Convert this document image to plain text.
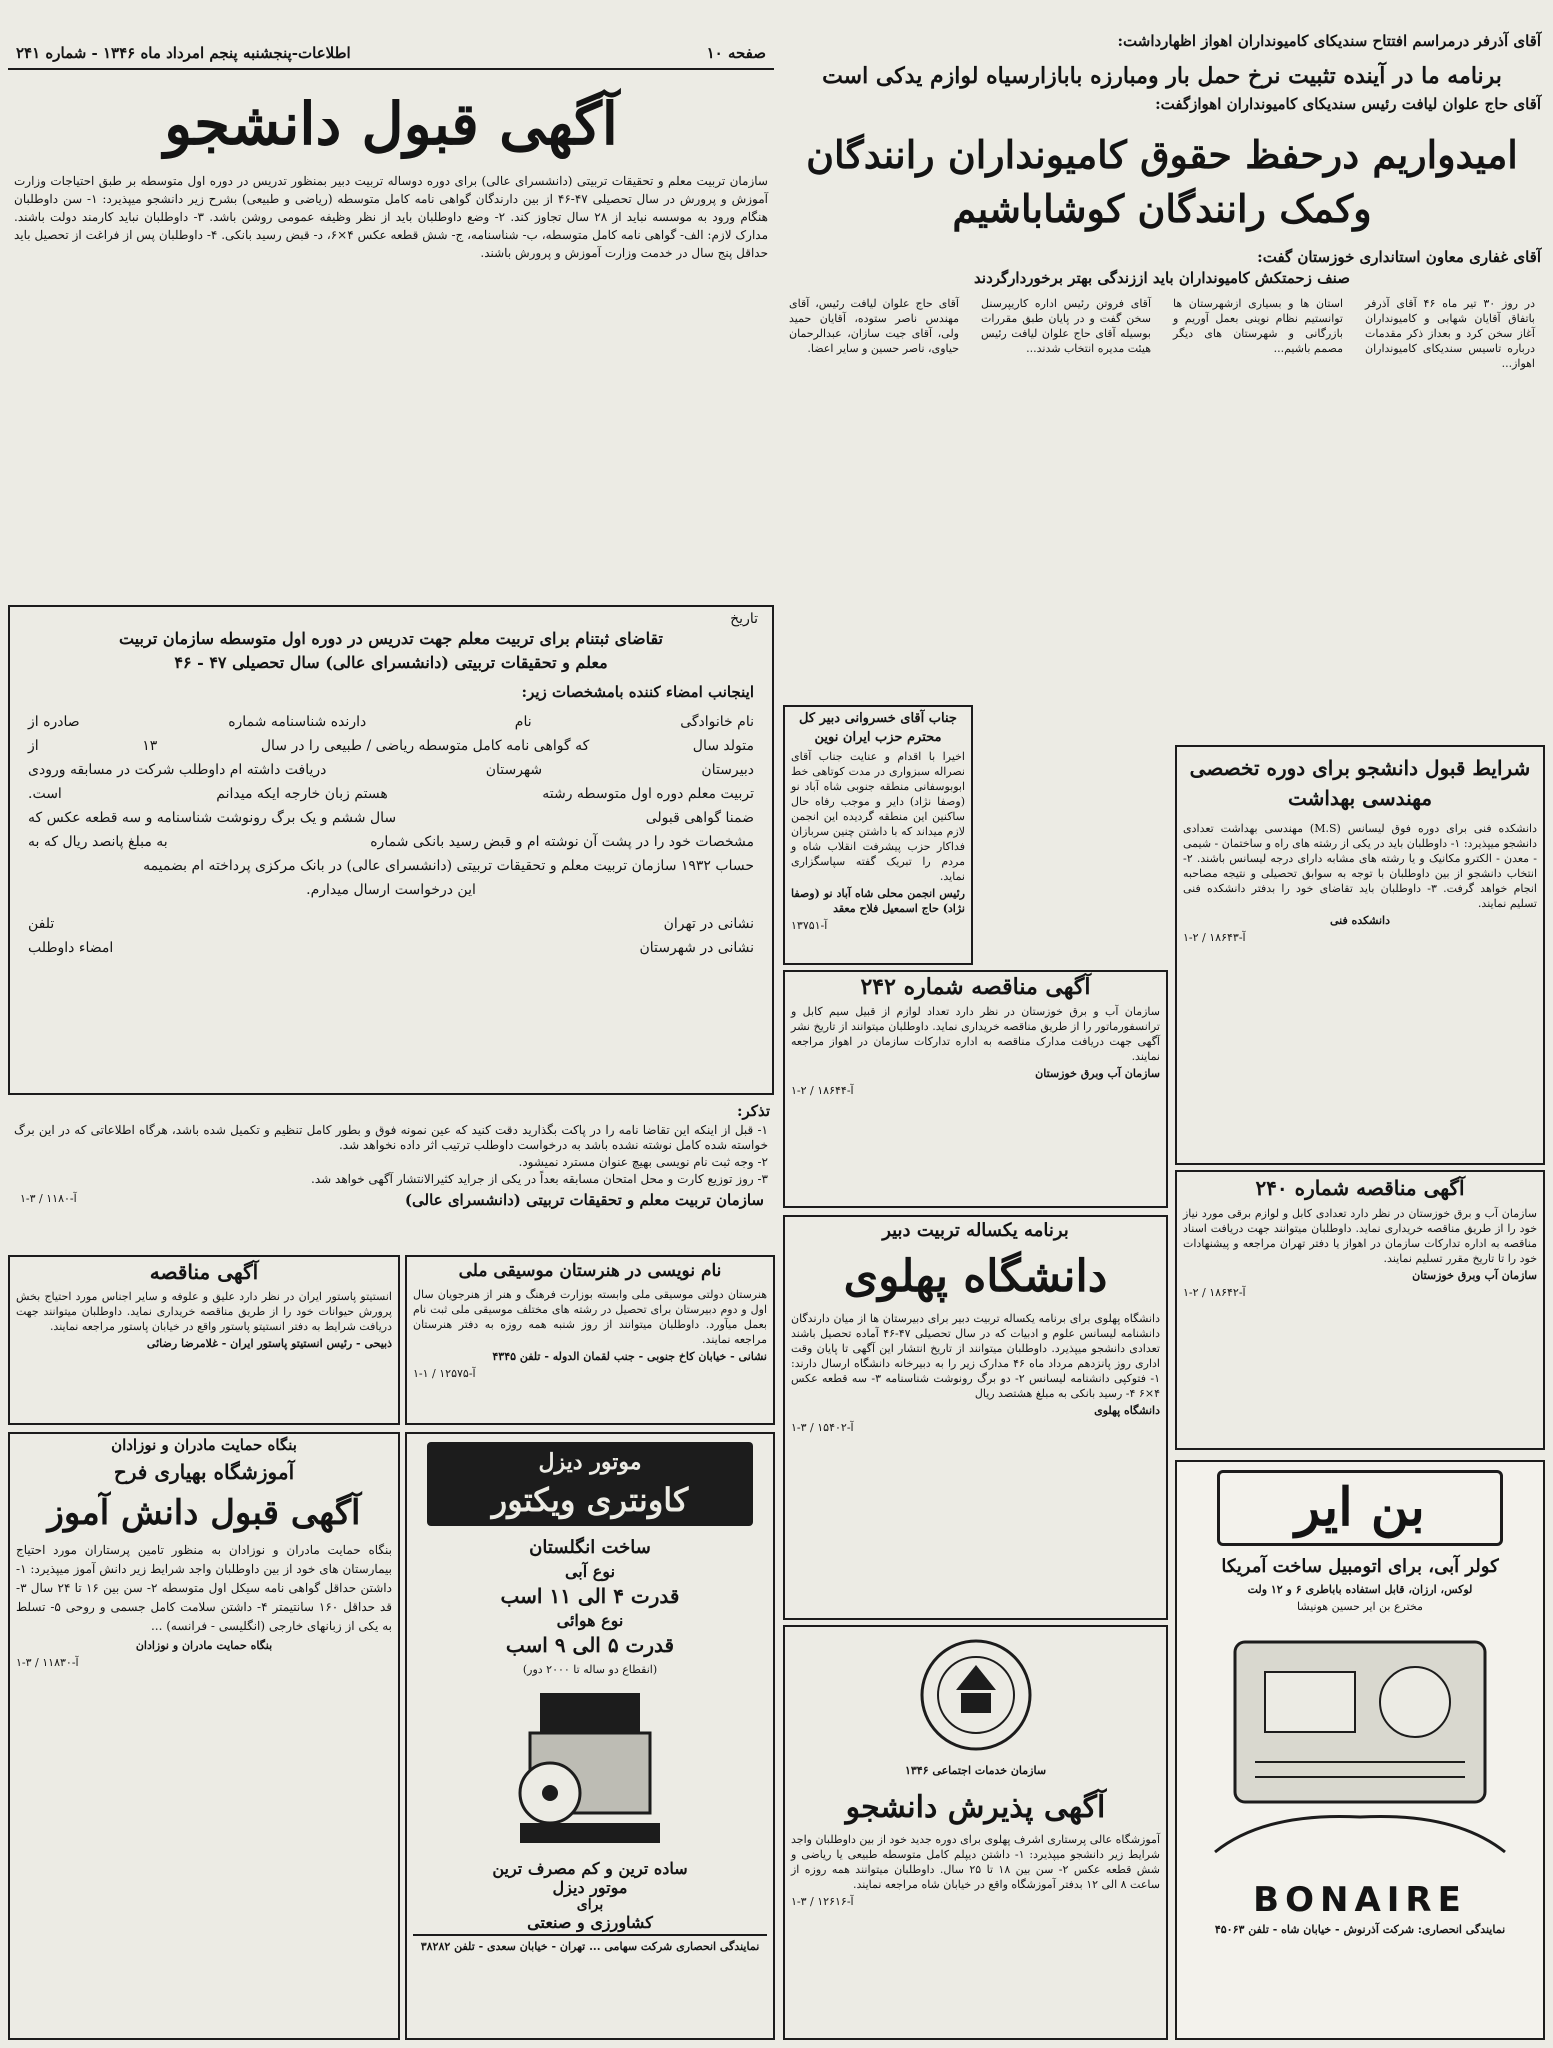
آقای آذرفر درمراسم افتتاح سندیکای کامیونداران اهواز اظهارداشت:
برنامه ما در آینده تثبیت نرخ حمل بار ومبارزه بابازارسیاه لوازم یدکی است
آقای حاج علوان لیافت رئیس سندیکای کامیونداران اهوازگفت:
امیدواریم درحفظ حقوق کامیونداران رانندگان
وکمک رانندگان کوشاباشیم
آقای غفاری معاون استانداری خوزستان گفت:
صنف زحمتکش کامیونداران باید اززندگی بهتر برخوردارگردند
در روز ۳۰ تیر ماه ۴۶ آقای آذرفر باتفاق آقایان شهابی و کامیونداران آغاز سخن کرد و بعداز ذکر مقدمات درباره تاسیس سندیکای کامیونداران اهواز...
استان ها و بسیاری ازشهرستان ها توانستیم نظام نوینی بعمل آوریم و بازرگانی و شهرستان های دیگر مصمم باشیم...
آقای فروتن رئیس اداره کاریپرسنل سخن گفت و در پایان طبق مقررات بوسیله آقای حاج علوان لیافت رئیس هیئت مدیره انتخاب شدند...
آقای حاج علوان لیافت رئیس، آقای مهندس ناصر ستوده، آقایان حمید ولی، آقای جیت سازان، عبدالرحمان حیاوی، ناصر حسین و سایر اعضا.
جناب آقای خسروانی دبیر کل محترم حزب ایران نوین
اخیرا با اقدام و عنایت جناب آقای نصراله سبزواری در مدت کوتاهی خط ابوبوسفانی منطقه جنوبی شاه آباد نو (وصفا نژاد) دایر و موجب رفاه حال ساکنین این منطقه گردیده این انجمن لازم میداند که با داشتن چنین سربازان فداکار حزب پیشرفت انقلاب شاه و مردم را تبریک گفته سپاسگزاری نماید.
رئیس انجمن محلی شاه آباد نو (وصفا نژاد) حاج اسمعیل فلاح معقد
آ-۱۳۷۵۱
آگهی مناقصه شماره ۲۴۲
سازمان آب و برق خوزستان در نظر دارد تعداد لوازم از قبیل سیم کابل و ترانسفورماتور را از طریق مناقصه خریداری نماید. داوطلبان میتوانند از تاریخ نشر آگهی جهت دریافت مدارک مناقصه به اداره تدارکات سازمان در اهواز مراجعه نمایند.
سازمان آب وبرق خوزستان
آ-۱۸۶۴۴ / ۲-۱
شرایط قبول دانشجو برای دوره تخصصی مهندسی بهداشت
دانشکده فنی برای دوره فوق لیسانس (M.S) مهندسی بهداشت تعدادی دانشجو میپذیرد: ۱- داوطلبان باید در یکی از رشته های راه و ساختمان - شیمی - معدن - الکترو مکانیک و یا رشته های مشابه دارای درجه لیسانس باشند. ۲- انتخاب دانشجو از بین داوطلبان با توجه به سوابق تحصیلی و نتیجه مصاحبه انجام خواهد گرفت. ۳- داوطلبان باید تقاضای خود را بدفتر دانشکده فنی تسلیم نمایند.
دانشکده فنی
آ-۱۸۶۴۳ / ۲-۱
آگهی مناقصه شماره ۲۴۰
سازمان آب و برق خوزستان در نظر دارد تعدادی کابل و لوازم برقی مورد نیاز خود را از طریق مناقصه خریداری نماید. داوطلبان میتوانند جهت دریافت اسناد مناقصه به اداره تدارکات سازمان در اهواز یا دفتر تهران مراجعه و پیشنهادات خود را تا تاریخ مقرر تسلیم نمایند.
سازمان آب وبرق خوزستان
آ-۱۸۶۴۲ / ۲-۱
بن ایر
کولر آبی، برای اتومبیل ساخت آمریکا
لوکس، ارزان، قابل استفاده باباطری ۶ و ۱۲ ولت
مخترع بن ایر حسین هونیشا
BONAIRE
نمایندگی انحصاری: شرکت آذرنوش - خیابان شاه - تلفن ۴۵۰۶۳
برنامه یکساله تربیت دبیر
دانشگاه پهلوی
دانشگاه پهلوی برای برنامه یکساله تربیت دبیر برای دبیرستان ها از میان دارندگان دانشنامه لیسانس علوم و ادبیات که در سال تحصیلی ۴۷-۴۶ آماده تحصیل باشند تعدادی دانشجو میپذیرد. داوطلبان میتوانند از تاریخ انتشار این آگهی تا پایان وقت اداری روز پانزدهم مرداد ماه ۴۶ مدارک زیر را به دبیرخانه دانشگاه ارسال دارند: ۱- فتوکپی دانشنامه لیسانس ۲- دو برگ رونوشت شناسنامه ۳- سه قطعه عکس ۴×۶ ۴- رسید بانکی به مبلغ هشتصد ریال
دانشگاه پهلوی
آ-۱۵۴۰۲ / ۳-۱
سازمان خدمات اجتماعی ۱۳۴۶
آگهی پذیرش دانشجو
آموزشگاه عالی پرستاری اشرف پهلوی برای دوره جدید خود از بین داوطلبان واجد شرایط زیر دانشجو میپذیرد: ۱- داشتن دیپلم کامل متوسطه طبیعی یا ریاضی و شش قطعه عکس ۲- سن بین ۱۸ تا ۲۵ سال. داوطلبان میتوانند همه روزه از ساعت ۸ الی ۱۲ بدفتر آموزشگاه واقع در خیابان شاه مراجعه نمایند.
آ-۱۲۶۱۶ / ۳-۱
صفحه ۱۰
اطلاعات-پنجشنبه پنجم امرداد ماه ۱۳۴۶ - شماره ۲۴۱
آگهی قبول دانشجو
سازمان تربیت معلم و تحقیقات تربیتی (دانشسرای عالی) برای دوره دوساله تربیت دبیر بمنظور تدریس در دوره اول متوسطه بر طبق احتیاجات وزارت آموزش و پرورش در سال تحصیلی ۴۷-۴۶ از بین دارندگان گواهی نامه کامل متوسطه (ریاضی و طبیعی) بشرح زیر دانشجو میپذیرد: ۱- سن داوطلبان هنگام ورود به موسسه نباید از ۲۸ سال تجاوز کند. ۲- وضع داوطلبان باید از نظر وظیفه عمومی روشن باشد. ۳- داوطلبان نباید کارمند دولت باشند. مدارک لازم: الف- گواهی نامه کامل متوسطه، ب- شناسنامه، ج- شش قطعه عکس ۴×۶، د- قبض رسید بانکی. ۴- داوطلبان پس از فراغت از تحصیل باید حداقل پنج سال در خدمت وزارت آموزش و پرورش باشند.
تاریخ
تقاضای ثبتنام برای تربیت معلم جهت تدریس در دوره اول متوسطه سازمان تربیت
معلم و تحقیقات تربیتی (دانشسرای عالی) سال تحصیلی ۴۷ - ۴۶
اینجانب امضاء کننده بامشخصات زیر:
نام خانوادگی
نام
دارنده شناسنامه شماره
صادره از
متولد سال
که گواهی نامه کامل متوسطه ریاضی / طبیعی را در سال
۱۳
از
دبیرستان
شهرستان
دریافت داشته ام داوطلب شرکت در مسابقه ورودی
تربیت معلم دوره اول متوسطه رشته
هستم زبان خارجه ایکه میدانم
است.
ضمنا گواهی قبولی
سال ششم و یک برگ رونوشت شناسنامه و سه قطعه عکس که
مشخصات خود را در پشت آن نوشته ام و قبض رسید بانکی شماره
به مبلغ پانصد ریال که به
حساب ۱۹۳۲ سازمان تربیت معلم و تحقیقات تربیتی (دانشسرای عالی) در بانک مرکزی پرداخته ام بضمیمه
این درخواست ارسال میدارم.
نشانی در تهران
تلفن
نشانی در شهرستان
امضاء داوطلب
تذکر:
۱- قبل از اینکه این تقاضا نامه را در پاکت بگذارید دقت کنید که عین نمونه فوق و بطور کامل تنظیم و تکمیل شده باشد، هرگاه اطلاعاتی که در این برگ خواسته شده کامل نوشته نشده باشد به درخواست داوطلب ترتیب اثر داده نخواهد شد.
۲- وجه ثبت نام نویسی بهیچ عنوان مسترد نمیشود.
۳- روز توزیع کارت و محل امتحان مسابقه بعداً در یکی از جراید کثیرالانتشار آگهی خواهد شد.
سازمان تربیت معلم و تحقیقات تربیتی (دانشسرای عالی)
آ-۱۱۸۰ / ۳-۱
آگهی مناقصه
انستیتو پاستور ایران در نظر دارد علیق و علوفه و سایر اجناس مورد احتیاج بخش پرورش حیوانات خود را از طریق مناقصه خریداری نماید. داوطلبان میتوانند جهت دریافت شرایط به دفتر انستیتو پاستور واقع در خیابان پاستور مراجعه نمایند.
ذبیحی - رئیس انستیتو پاستور ایران - غلامرضا رضائی
نام نویسی در هنرستان موسیقی ملی
هنرستان دولتی موسیقی ملی وابسته بوزارت فرهنگ و هنر از هنرجویان سال اول و دوم دبیرستان برای تحصیل در رشته های مختلف موسیقی ملی ثبت نام بعمل میآورد. داوطلبان میتوانند از روز شنبه همه روزه به دفتر هنرستان مراجعه نمایند.
نشانی - خیابان کاخ جنوبی - جنب لقمان الدوله - تلفن ۴۳۴۵
آ-۱۲۵۷۵ / ۱-۱
بنگاه حمایت مادران و نوزادان
آموزشگاه بهیاری فرح
آگهی قبول دانش آموز
بنگاه حمایت مادران و نوزادان به منظور تامین پرستاران مورد احتیاج بیمارستان های خود از بین داوطلبان واجد شرایط زیر دانش آموز میپذیرد: ۱- داشتن حداقل گواهی نامه سیکل اول متوسطه ۲- سن بین ۱۶ تا ۲۴ سال ۳- قد حداقل ۱۶۰ سانتیمتر ۴- داشتن سلامت کامل جسمی و روحی ۵- تسلط به یکی از زبانهای خارجی (انگلیسی - فرانسه) ...
بنگاه حمایت مادران و نوزادان
آ-۱۱۸۳۰ / ۳-۱
موتور دیزل
کاونتری ویکتور
ساخت انگلستان
نوع آبی
قدرت ۴ الی ۱۱ اسب
نوع هوائی
قدرت ۵ الی ۹ اسب
(انقطاع دو ساله تا ۲۰۰۰ دور)
ساده ترین و کم مصرف ترین
موتور دیزل
برای
کشاورزی و صنعتی
نمایندگی انحصاری شرکت سهامی ... تهران - خیابان سعدی - تلفن ۳۸۲۸۲
